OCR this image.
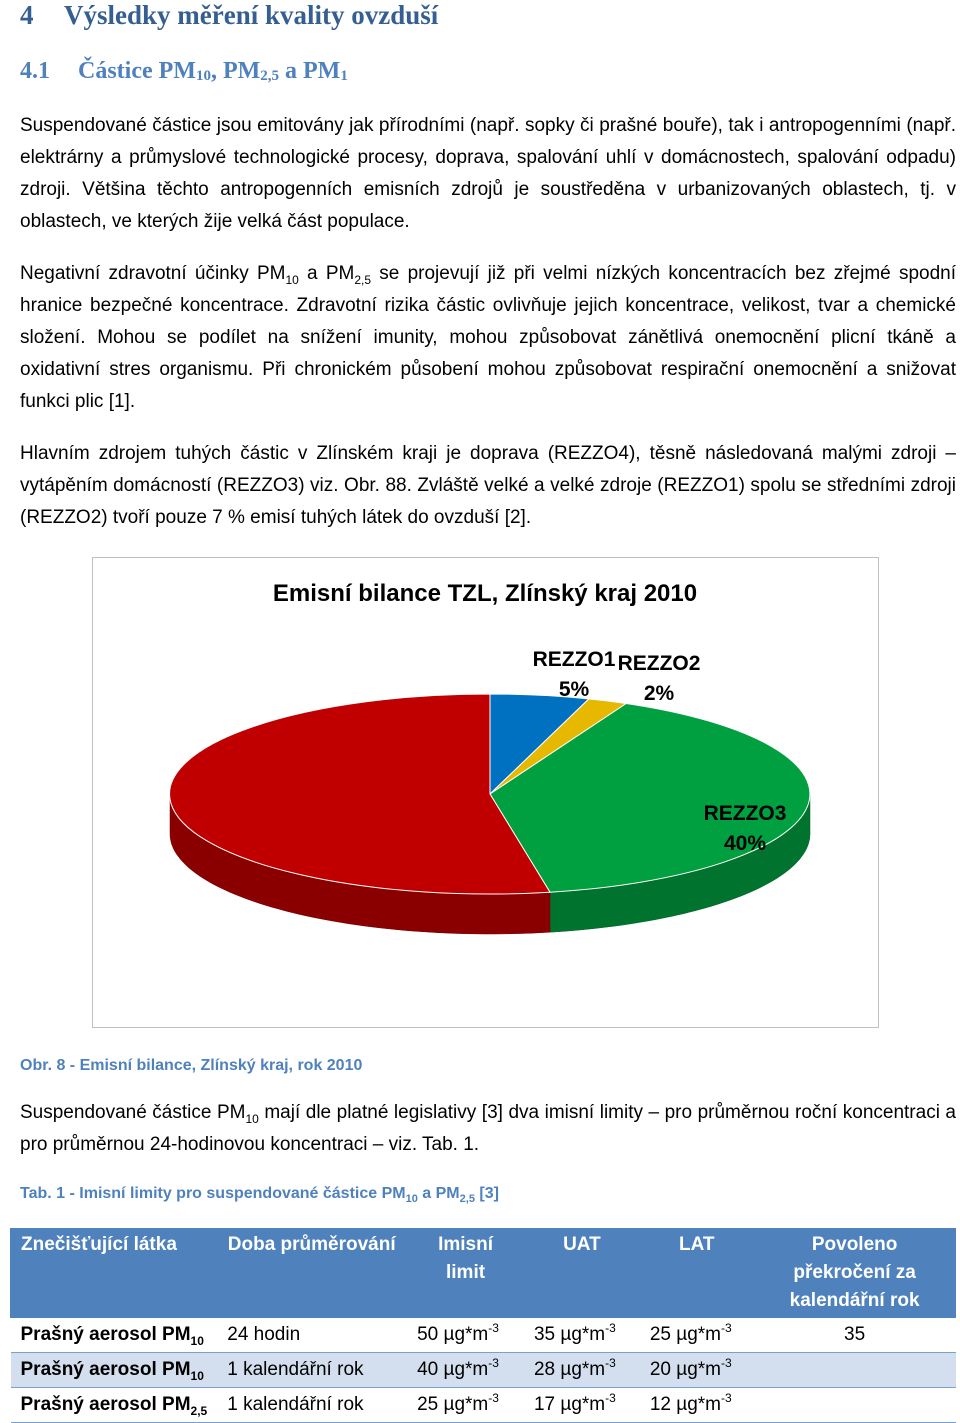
4 Výsledky měření kvality ovzduší
4.1 Částice $PM_{10}$, $PM_{2,5}$ a $PM_1$
Suspendované částice jsou emitovány jak přírodními (např. sopky či prašné bouře), tak i antropogenními (např. elektrárny a průmyslové technologické procesy, doprava, spalování uhlí v domácnostech, spalování odpadu) zdroji. Většina těchto antropogenních emisních zdrojů je soustředěna v urbanizovaných oblastech, tj. v oblastech, ve kterých žije velká část populace.
Negativní zdravotní účinky $PM_{10}$ a $PM_{2,5}$ se projevují již při velmi nízkých koncentracích bez zřejmé spodní hranice bezpečné koncentrace. Zdravotní rizika částic ovlivňuje jejich koncentrace, velikost, tvar a chemické složení. Mohou se podílet na snížení imunity, mohou způsobovat zánětlivá onemocnění plicní tkáně a oxidativní stres organismu. Při chronickém působení mohou způsobovat respirační onemocnění a snižovat funkci plic [1].
Hlavním zdrojem tuhých částic v Zlínském kraji je doprava (REZZO4), těsně následovaná malými zdroji – vytápěním domácností (REZZO3) viz. Obr. 88. Zvláště velké a velké zdroje (REZZO1) spolu se středními zdroji (REZZO2) tvoří pouze 7 % emisí tuhých látek do ovzduší [2].
Emisní bilance TZL, Zlínský kraj 2010
REZZO1
5%
REZZO2
2%
REZZO3
40%
REZZO4
53%
Obr. 8 - Emisní bilance, Zlínský kraj, rok 2010
Suspendované částice $PM_{10}$ mají dle platné legislativy [3] dva imisní limity – pro průměrnou roční koncentraci a pro průměrnou 24-hodinovou koncentraci – viz. Tab. 1.
Tab. 1 - Imisní limity pro suspendované částice $PM_{10}$ a $PM_{2,5}$ [3]
Znečišťující látka	Doba průměrování	Imisní limit	UAT	LAT	Povoleno překročení za kalendářní rok
Prašný aerosol $PM_{10}$	24 hodin	50 $\mu g*m^{-3}$	35 $\mu g*m^{-3}$	25 $\mu g*m^{-3}$	35
Prašný aerosol $PM_{10}$	1 kalendářní rok	40 $\mu g*m^{-3}$	28 $\mu g*m^{-3}$	20 $\mu g*m^{-3}$	
Prašný aerosol $PM_{2,5}$	1 kalendářní rok	25 $\mu g*m^{-3}$	17 $\mu g*m^{-3}$	12 $\mu g*m^{-3}$	
